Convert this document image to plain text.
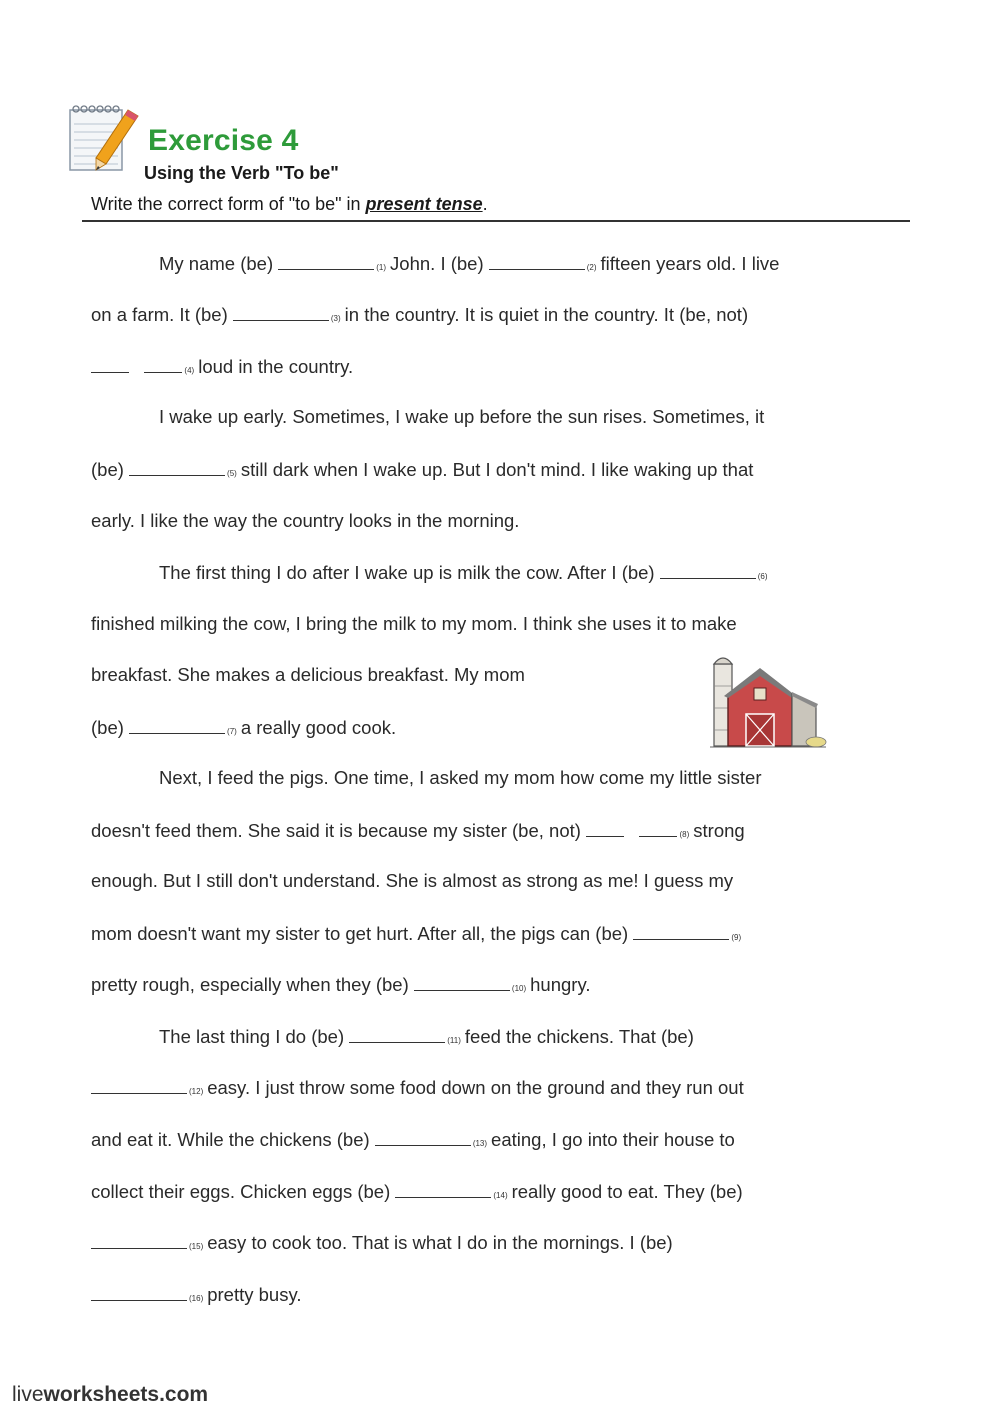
Exercise 4
Using the Verb "To be"
Write the correct form of "to be" in present tense.
My name (be)	(1) John. I (be)	(2) fifteen years old. I live
on a farm. It (be)	(3) in the country. It is quiet in the country. It (be, not)
(4) loud in the country.
I wake up early. Sometimes, I wake up before the sun rises. Sometimes, it
(be)	(5) still dark when I wake up. But I don't mind. I like waking up that
early. I like the way the country looks in the morning.
The first thing I do after I wake up is milk the cow. After I (be)	(6)
finished milking the cow, I bring the milk to my mom. I think she uses it to make
breakfast. She makes a delicious breakfast. My mom
(be)	(7) a really good cook.
Next, I feed the pigs. One time, I asked my mom how come my little sister
doesn't feed them. She said it is because my sister (be, not)	(8) strong
enough. But I still don't understand. She is almost as strong as me! I guess my
mom doesn't want my sister to get hurt. After all, the pigs can (be)	(9)
pretty rough, especially when they (be)	(10) hungry.
The last thing I do (be)	(11) feed the chickens. That (be)
(12) easy. I just throw some food down on the ground and they run out
and eat it. While the chickens (be)	(13) eating, I go into their house to
collect their eggs. Chicken eggs (be)	(14) really good to eat. They (be)
(15) easy to cook too. That is what I do in the mornings. I (be)
(16) pretty busy.
liveworksheets.com
